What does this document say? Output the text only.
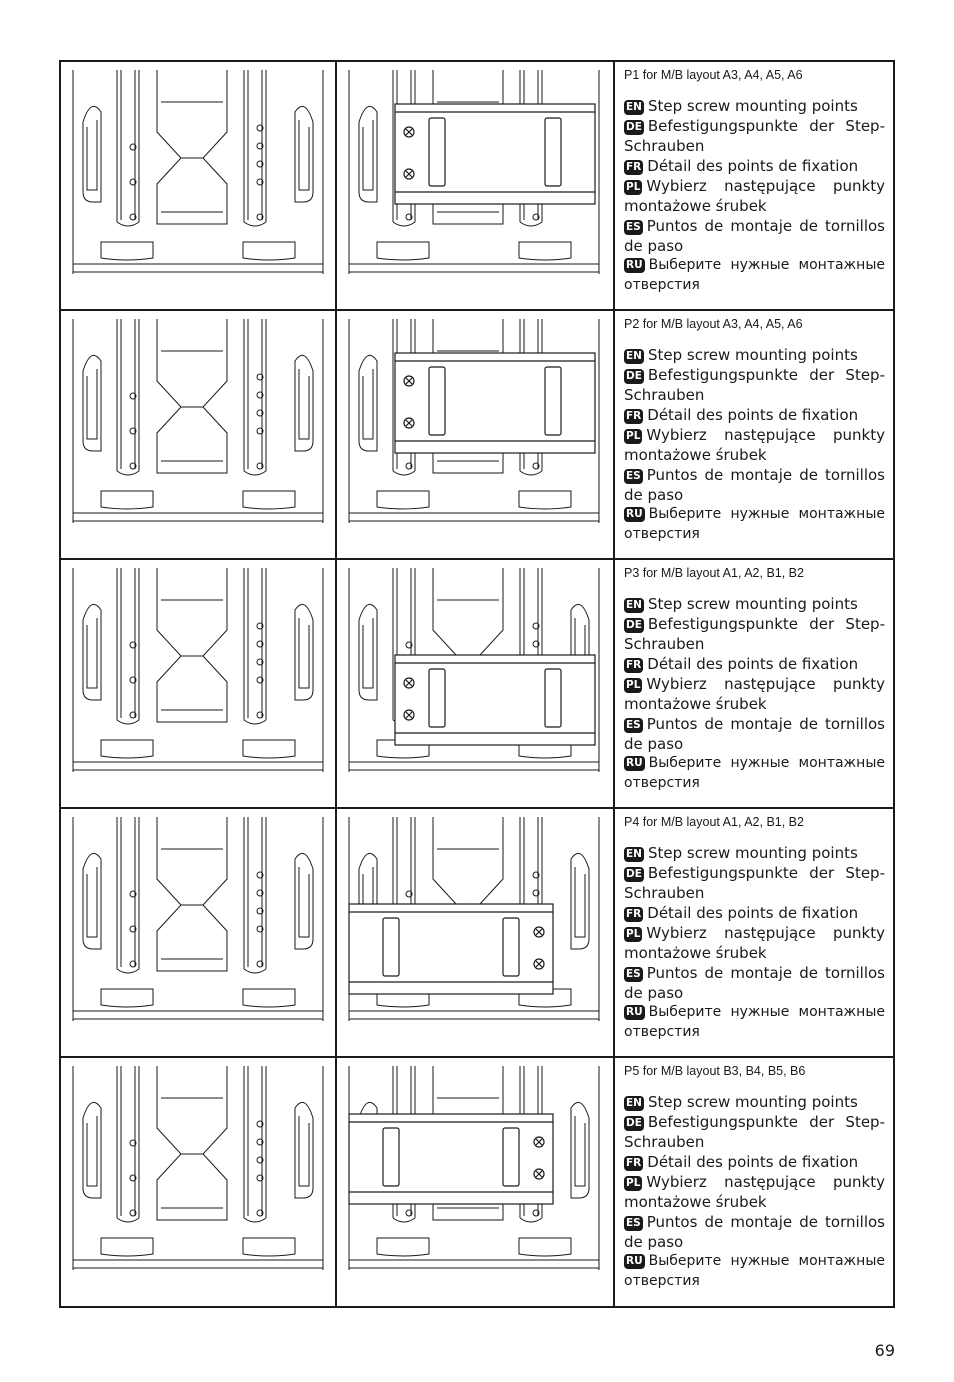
P1 for M/B layout A3, A4, A5, A6
EN Step screw mounting points
DE Befestigungspunkte der Step-Schrauben
FR Détail des points de fixation
PL Wybierz następujące punkty montażowe śrubek
ES Puntos de montaje de tornillos de paso
RU Выберите нужные монтажные отверстия
P2 for M/B layout A3, A4, A5, A6
EN Step screw mounting points
DE Befestigungspunkte der Step-Schrauben
FR Détail des points de fixation
PL Wybierz następujące punkty montażowe śrubek
ES Puntos de montaje de tornillos de paso
RU Выберите нужные монтажные отверстия
P3 for M/B layout A1, A2, B1, B2
EN Step screw mounting points
DE Befestigungspunkte der Step-Schrauben
FR Détail des points de fixation
PL Wybierz następujące punkty montażowe śrubek
ES Puntos de montaje de tornillos de paso
RU Выберите нужные монтажные отверстия
P4 for M/B layout A1, A2, B1, B2
EN Step screw mounting points
DE Befestigungspunkte der Step-Schrauben
FR Détail des points de fixation
PL Wybierz następujące punkty montażowe śrubek
ES Puntos de montaje de tornillos de paso
RU Выберите нужные монтажные отверстия
P5 for M/B layout B3, B4, B5, B6
EN Step screw mounting points
DE Befestigungspunkte der Step-Schrauben
FR Détail des points de fixation
PL Wybierz następujące punkty montażowe śrubek
ES Puntos de montaje de tornillos de paso
RU Выберите нужные монтажные отверстия
69
